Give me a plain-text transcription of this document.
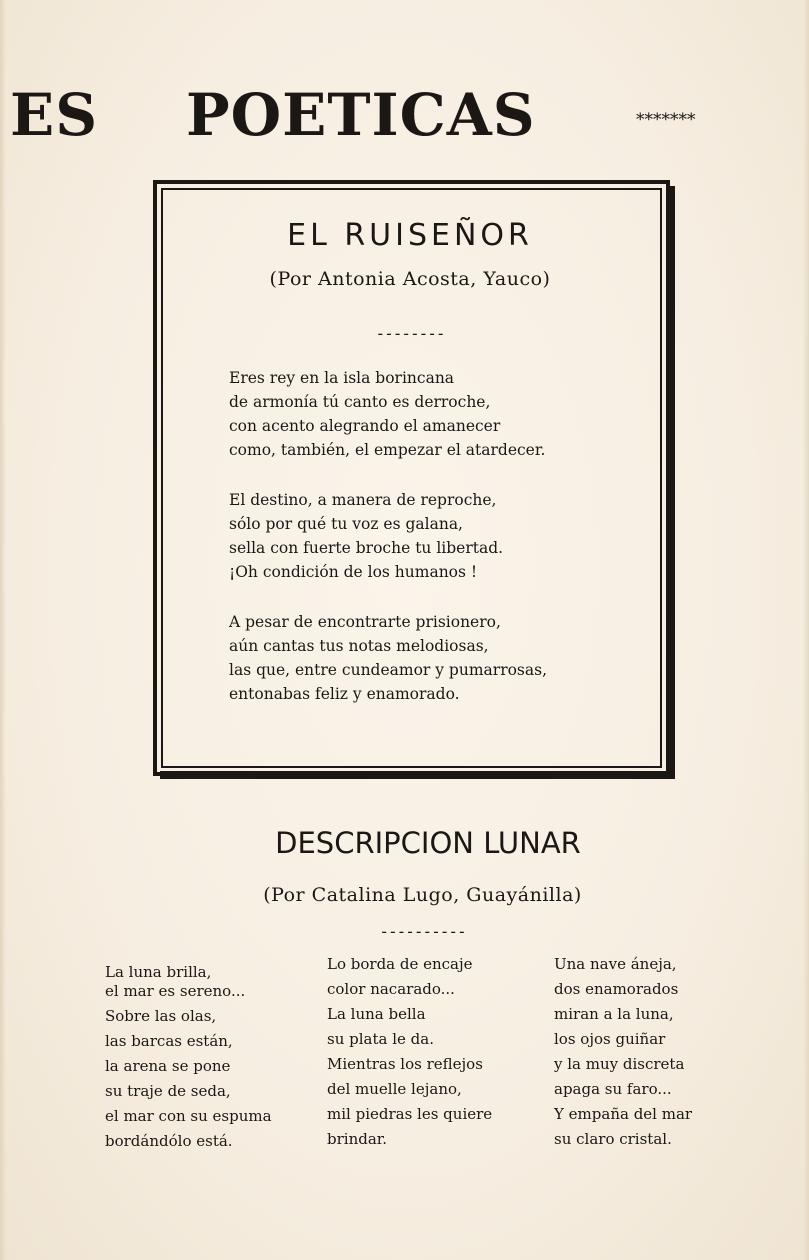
ES POETICAS	*******
EL RUISEÑOR
(Por Antonia Acosta, Yauco)
--------
Eres rey en la isla borincana
de armonía tú canto es derroche,
con acento alegrando el amanecer
como, también, el empezar el atardecer.
El destino, a manera de reproche,
sólo por qué tu voz es galana,
sella con fuerte broche tu libertad.
¡Oh condición de los humanos !
A pesar de encontrarte prisionero,
aún cantas tus notas melodiosas,
las que, entre cundeamor y pumarrosas,
entonabas feliz y enamorado.
DESCRIPCION LUNAR
(Por Catalina Lugo, Guayánilla)
----------
La luna brilla,
el mar es sereno...
Sobre las olas,
las barcas están,
la arena se pone
su traje de seda,
el mar con su espuma
bordándólo está.
Lo borda de encaje
color nacarado...
La luna bella
su plata le da.
Mientras los reflejos
del muelle lejano,
mil piedras les quiere
brindar.
Una nave áneja,
dos enamorados
miran a la luna,
los ojos guiñar
y la muy discreta
apaga su faro...
Y empaña del mar
su claro cristal.
